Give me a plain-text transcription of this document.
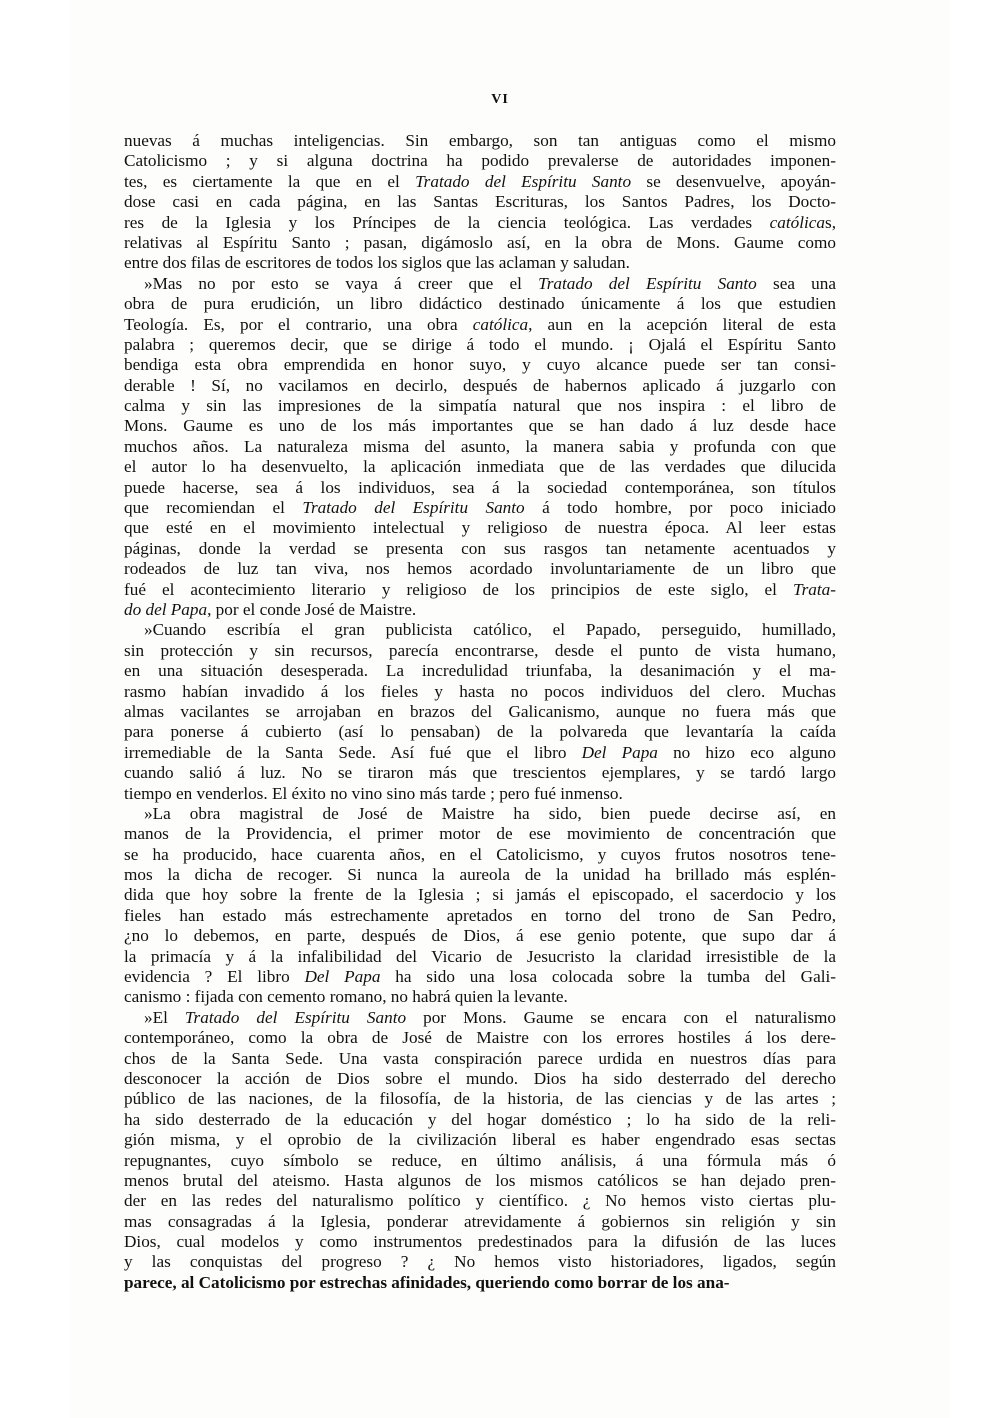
VI
nuevas á muchas inteligencias. Sin embargo, son tan antiguas como el mismo
Catolicismo ; y si alguna doctrina ha podido prevalerse de autoridades imponen-
tes, es ciertamente la que en el Tratado del Espíritu Santo se desenvuelve, apoyán-
dose casi en cada página, en las Santas Escrituras, los Santos Padres, los Docto-
res de la Iglesia y los Príncipes de la ciencia teológica. Las verdades católicas,
relativas al Espíritu Santo ; pasan, digámoslo así, en la obra de Mons. Gaume como
entre dos filas de escritores de todos los siglos que las aclaman y saludan.
»Mas no por esto se vaya á creer que el Tratado del Espíritu Santo sea una
obra de pura erudición, un libro didáctico destinado únicamente á los que estudien
Teología. Es, por el contrario, una obra católica, aun en la acepción literal de esta
palabra ; queremos decir, que se dirige á todo el mundo. ¡ Ojalá el Espíritu Santo
bendiga esta obra emprendida en honor suyo, y cuyo alcance puede ser tan consi-
derable ! Sí, no vacilamos en decirlo, después de habernos aplicado á juzgarlo con
calma y sin las impresiones de la simpatía natural que nos inspira : el libro de
Mons. Gaume es uno de los más importantes que se han dado á luz desde hace
muchos años. La naturaleza misma del asunto, la manera sabia y profunda con que
el autor lo ha desenvuelto, la aplicación inmediata que de las verdades que dilucida
puede hacerse, sea á los individuos, sea á la sociedad contemporánea, son títulos
que recomiendan el Tratado del Espíritu Santo á todo hombre, por poco iniciado
que esté en el movimiento intelectual y religioso de nuestra época. Al leer estas
páginas, donde la verdad se presenta con sus rasgos tan netamente acentuados y
rodeados de luz tan viva, nos hemos acordado involuntariamente de un libro que
fué el acontecimiento literario y religioso de los principios de este siglo, el Trata-
do del Papa, por el conde José de Maistre.
»Cuando escribía el gran publicista católico, el Papado, perseguido, humillado,
sin protección y sin recursos, parecía encontrarse, desde el punto de vista humano,
en una situación desesperada. La incredulidad triunfaba, la desanimación y el ma-
rasmo habían invadido á los fieles y hasta no pocos individuos del clero. Muchas
almas vacilantes se arrojaban en brazos del Galicanismo, aunque no fuera más que
para ponerse á cubierto (así lo pensaban) de la polvareda que levantaría la caída
irremediable de la Santa Sede. Así fué que el libro Del Papa no hizo eco alguno
cuando salió á luz. No se tiraron más que trescientos ejemplares, y se tardó largo
tiempo en venderlos. El éxito no vino sino más tarde ; pero fué inmenso.
»La obra magistral de José de Maistre ha sido, bien puede decirse así, en
manos de la Providencia, el primer motor de ese movimiento de concentración que
se ha producido, hace cuarenta años, en el Catolicismo, y cuyos frutos nosotros tene-
mos la dicha de recoger. Si nunca la aureola de la unidad ha brillado más esplén-
dida que hoy sobre la frente de la Iglesia ; si jamás el episcopado, el sacerdocio y los
fieles han estado más estrechamente apretados en torno del trono de San Pedro,
¿no lo debemos, en parte, después de Dios, á ese genio potente, que supo dar á
la primacía y á la infalibilidad del Vicario de Jesucristo la claridad irresistible de la
evidencia ? El libro Del Papa ha sido una losa colocada sobre la tumba del Gali-
canismo : fijada con cemento romano, no habrá quien la levante.
»El Tratado del Espíritu Santo por Mons. Gaume se encara con el naturalismo
contemporáneo, como la obra de José de Maistre con los errores hostiles á los dere-
chos de la Santa Sede. Una vasta conspiración parece urdida en nuestros días para
desconocer la acción de Dios sobre el mundo. Dios ha sido desterrado del derecho
público de las naciones, de la filosofía, de la historia, de las ciencias y de las artes ;
ha sido desterrado de la educación y del hogar doméstico ; lo ha sido de la reli-
gión misma, y el oprobio de la civilización liberal es haber engendrado esas sectas
repugnantes, cuyo símbolo se reduce, en último análisis, á una fórmula más ó
menos brutal del ateismo. Hasta algunos de los mismos católicos se han dejado pren-
der en las redes del naturalismo político y científico. ¿ No hemos visto ciertas plu-
mas consagradas á la Iglesia, ponderar atrevidamente á gobiernos sin religión y sin
Dios, cual modelos y como instrumentos predestinados para la difusión de las luces
y las conquistas del progreso ? ¿ No hemos visto historiadores, ligados, según
parece, al Catolicismo por estrechas afinidades, queriendo como borrar de los ana-
